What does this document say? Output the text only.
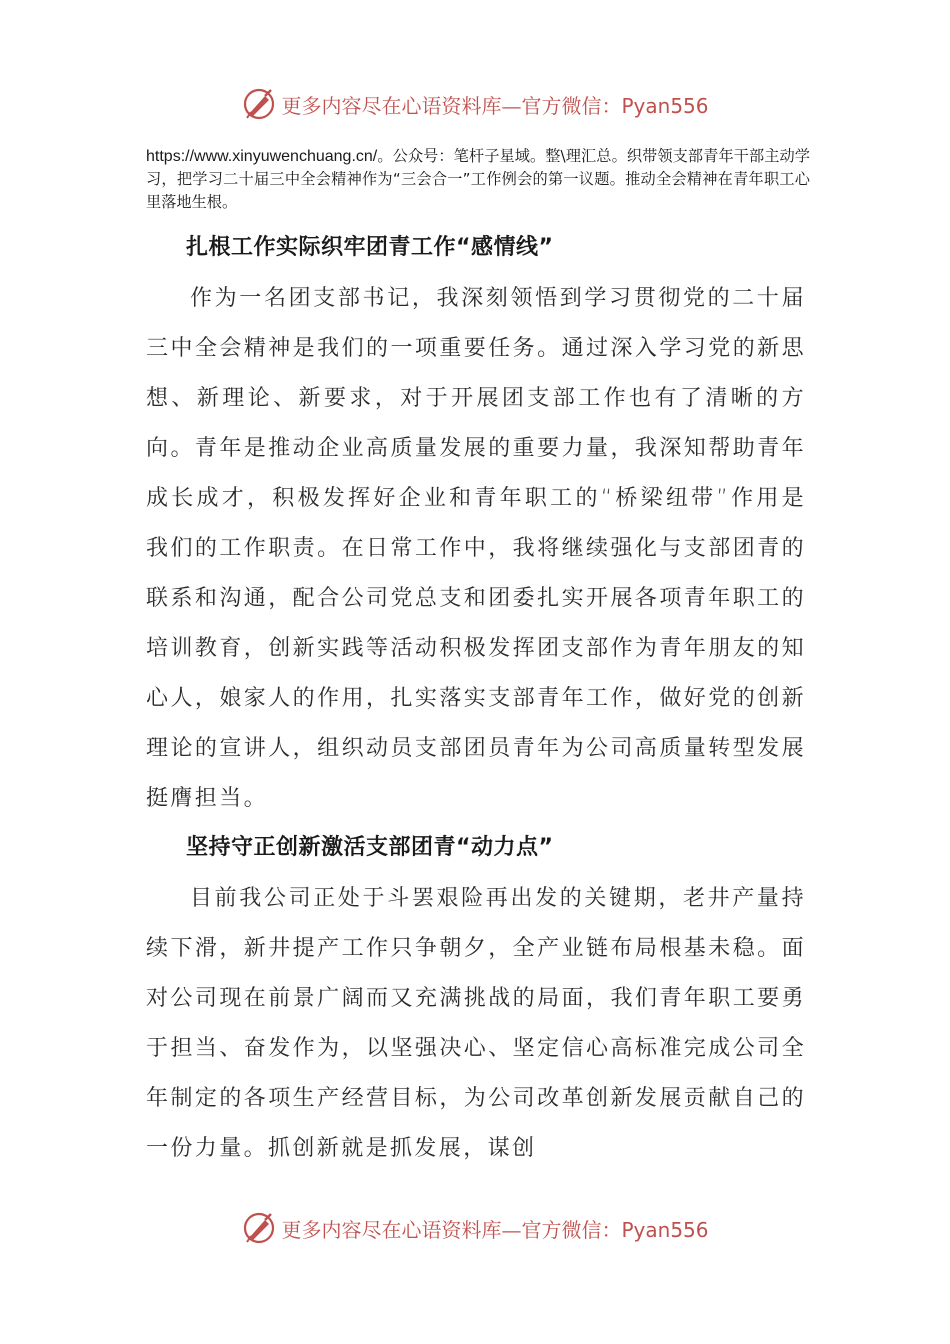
更多内容尽在心语资料库—官方微信：Pyan556
https://www.xinyuwenchuang.cn/。公众号：笔杆子星域。整\理汇总。织带领支部青年干部主动学习，把学习二十届三中全会精神作为“三会合一”工作例会的第一议题。推动全会精神在青年职工心里落地生根。
扎根工作实际织牢团青工作“感情线”
作为一名团支部书记，我深刻领悟到学习贯彻党的二十届三中全会精神是我们的一项重要任务。通过深入学习党的新思想、新理论、新要求，对于开展团支部工作也有了清晰的方向。青年是推动企业高质量发展的重要力量，我深知帮助青年成长成才，积极发挥好企业和青年职工的“桥梁纽带”作用是我们的工作职责。在日常工作中，我将继续强化与支部团青的联系和沟通，配合公司党总支和团委扎实开展各项青年职工的培训教育，创新实践等活动积极发挥团支部作为青年朋友的知心人，娘家人的作用，扎实落实支部青年工作，做好党的创新理论的宣讲人，组织动员支部团员青年为公司高质量转型发展挺膺担当。
坚持守正创新激活支部团青“动力点”
目前我公司正处于斗罢艰险再出发的关键期，老井产量持续下滑，新井提产工作只争朝夕，全产业链布局根基未稳。面对公司现在前景广阔而又充满挑战的局面，我们青年职工要勇于担当、奋发作为，以坚强决心、坚定信心高标准完成公司全年制定的各项生产经营目标，为公司改革创新发展贡献自己的一份力量。抓创新就是抓发展，谋创
更多内容尽在心语资料库—官方微信：Pyan556
